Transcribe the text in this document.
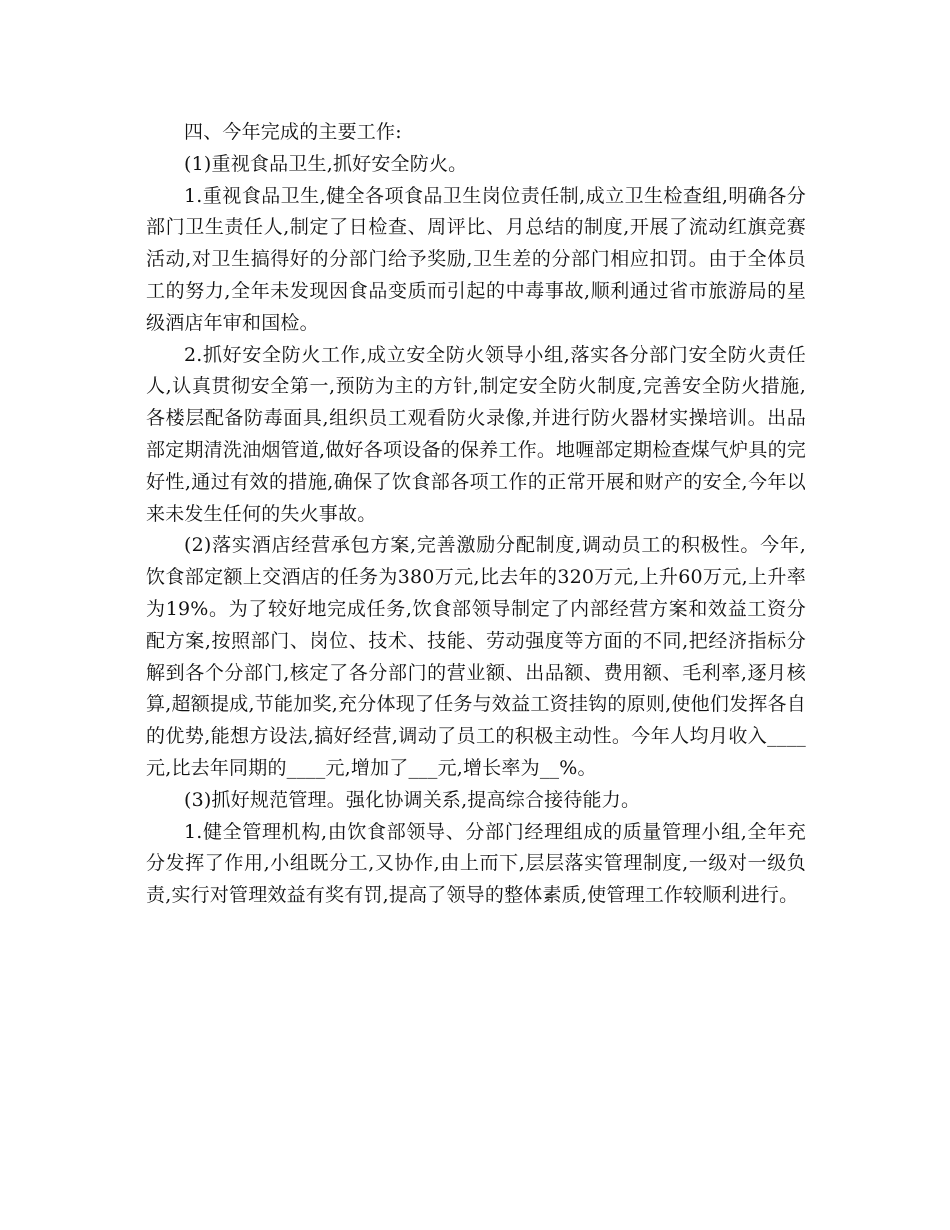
四、今年完成的主要工作:

(1)重视食品卫生,抓好安全防火。

1.重视食品卫生,健全各项食品卫生岗位责任制,成立卫生检查组,明确各分部门卫生责任人,制定了日检查、周评比、月总结的制度,开展了流动红旗竞赛活动,对卫生搞得好的分部门给予奖励,卫生差的分部门相应扣罚。由于全体员工的努力,全年未发现因食品变质而引起的中毒事故,顺利通过省市旅游局的星级酒店年审和国检。

2.抓好安全防火工作,成立安全防火领导小组,落实各分部门安全防火责任人,认真贯彻安全第一,预防为主的方针,制定安全防火制度,完善安全防火措施,各楼层配备防毒面具,组织员工观看防火录像,并进行防火器材实操培训。出品部定期清洗油烟管道,做好各项设备的保养工作。地喱部定期检查煤气炉具的完好性,通过有效的措施,确保了饮食部各项工作的正常开展和财产的安全,今年以来未发生任何的失火事故。

(2)落实酒店经营承包方案,完善激励分配制度,调动员工的积极性。今年,饮食部定额上交酒店的任务为380万元,比去年的320万元,上升60万元,上升率为19%。为了较好地完成任务,饮食部领导制定了内部经营方案和效益工资分配方案,按照部门、岗位、技术、技能、劳动强度等方面的不同,把经济指标分解到各个分部门,核定了各分部门的营业额、出品额、费用额、毛利率,逐月核算,超额提成,节能加奖,充分体现了任务与效益工资挂钩的原则,使他们发挥各自的优势,能想方设法,搞好经营,调动了员工的积极主动性。今年人均月收入____元,比去年同期的____元,增加了___元,增长率为__%。

(3)抓好规范管理。强化协调关系,提高综合接待能力。

1.健全管理机构,由饮食部领导、分部门经理组成的质量管理小组,全年充分发挥了作用,小组既分工,又协作,由上而下,层层落实管理制度,一级对一级负责,实行对管理效益有奖有罚,提高了领导的整体素质,使管理工作较顺利进行。
